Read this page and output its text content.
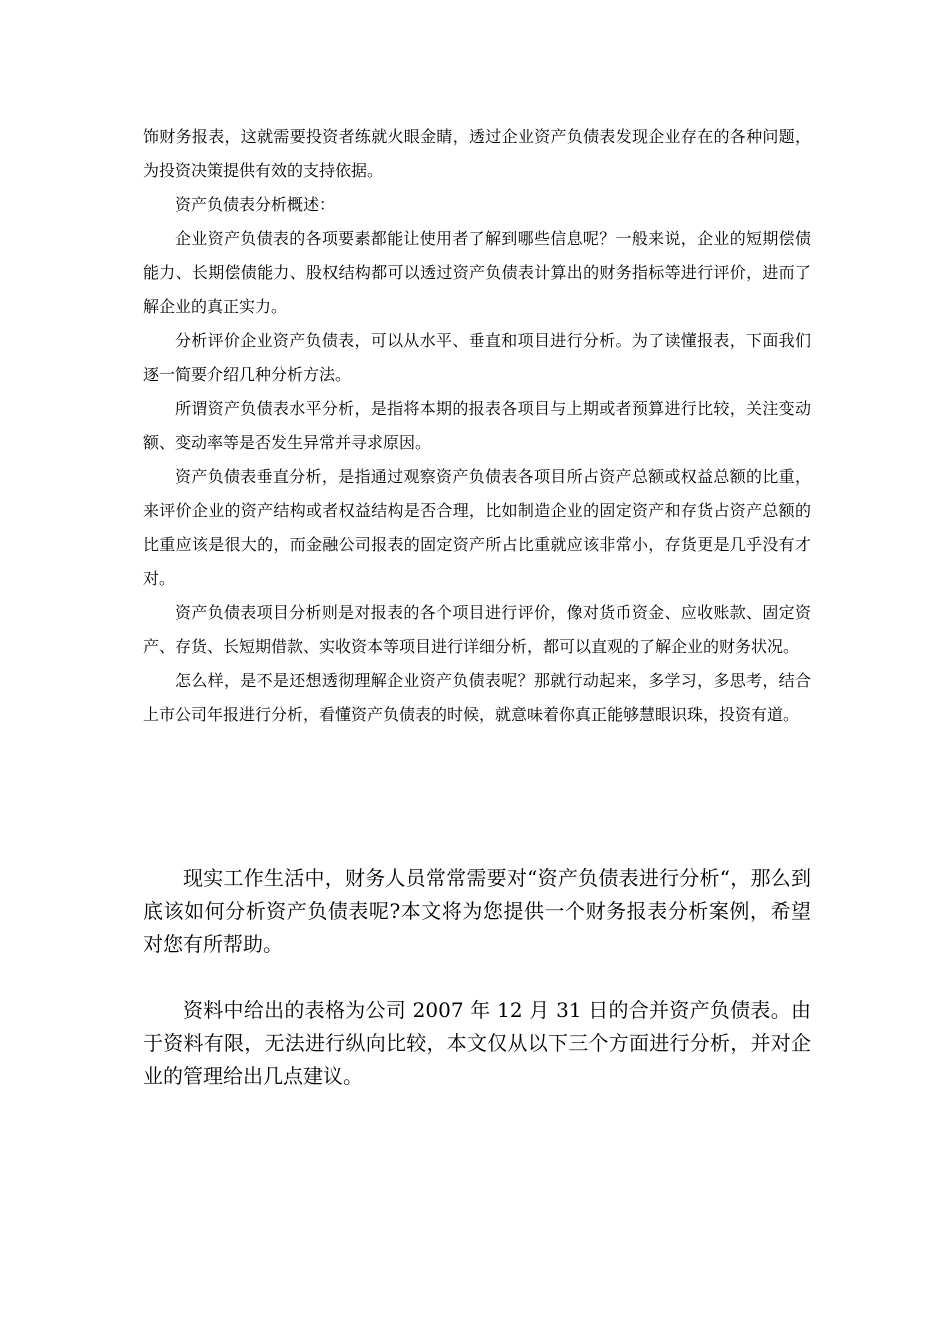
饰财务报表，这就需要投资者练就火眼金睛，透过企业资产负债表发现企业存在的各种问题，为投资决策提供有效的支持依据。

资产负债表分析概述：

企业资产负债表的各项要素都能让使用者了解到哪些信息呢？一般来说，企业的短期偿债能力、长期偿债能力、股权结构都可以透过资产负债表计算出的财务指标等进行评价，进而了解企业的真正实力。

分析评价企业资产负债表，可以从水平、垂直和项目进行分析。为了读懂报表，下面我们逐一简要介绍几种分析方法。

所谓资产负债表水平分析，是指将本期的报表各项目与上期或者预算进行比较，关注变动额、变动率等是否发生异常并寻求原因。

资产负债表垂直分析，是指通过观察资产负债表各项目所占资产总额或权益总额的比重，来评价企业的资产结构或者权益结构是否合理，比如制造企业的固定资产和存货占资产总额的比重应该是很大的，而金融公司报表的固定资产所占比重就应该非常小，存货更是几乎没有才对。

资产负债表项目分析则是对报表的各个项目进行评价，像对货币资金、应收账款、固定资产、存货、长短期借款、实收资本等项目进行详细分析，都可以直观的了解企业的财务状况。

怎么样，是不是还想透彻理解企业资产负债表呢？那就行动起来，多学习，多思考，结合上市公司年报进行分析，看懂资产负债表的时候，就意味着你真正能够慧眼识珠，投资有道。

现实工作生活中，财务人员常常需要对“资产负债表进行分析“，那么到底该如何分析资产负债表呢?本文将为您提供一个财务报表分析案例，希望对您有所帮助。

资料中给出的表格为公司 2007 年 12 月 31 日的合并资产负债表。由于资料有限，无法进行纵向比较，本文仅从以下三个方面进行分析，并对企业的管理给出几点建议。
